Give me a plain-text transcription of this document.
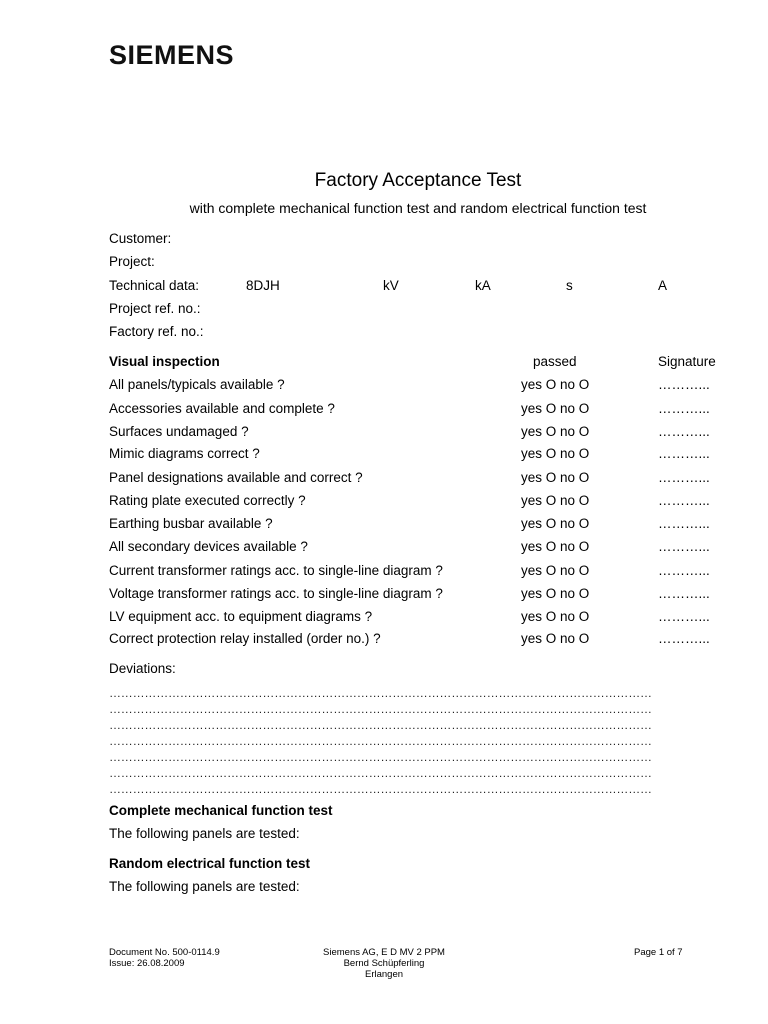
SIEMENS
Factory Acceptance Test
with complete mechanical function test and random electrical function test
Customer:
Project:
Technical data:	8DJH	kV	kA	s	A
Project ref. no.:
Factory ref. no.:
Visual inspection	passed	Signature
All panels/typicals available ?	yes O no O	………...
Accessories available and complete ?	yes O no O	………...
Surfaces undamaged ?	yes O no O	………...
Mimic diagrams correct ?	yes O no O	………...
Panel designations available and correct ?	yes O no O	………...
Rating plate executed correctly ?	yes O no O	………...
Earthing busbar available ?	yes O no O	………...
All secondary devices available ?	yes O no O	………...
Current transformer ratings acc. to single-line diagram ?	yes O no O	………...
Voltage transformer ratings acc. to single-line diagram ?	yes O no O	………...
LV equipment acc. to equipment diagrams ?	yes O no O	………...
Correct protection relay installed (order no.) ?	yes O no O	………...
Deviations:
…………………………………………………………………………………………………………………………
…………………………………………………………………………………………………………………………
…………………………………………………………………………………………………………………………
…………………………………………………………………………………………………………………………
…………………………………………………………………………………………………………………………
…………………………………………………………………………………………………………………………
…………………………………………………………………………………………………………………………
Complete mechanical function test
The following panels are tested:
Random electrical function test
The following panels are tested:
Document No. 500-0114.9
Issue: 26.08.2009
Siemens AG, E D MV 2 PPM
Bernd Schüpferling
Erlangen
Page 1 of 7
